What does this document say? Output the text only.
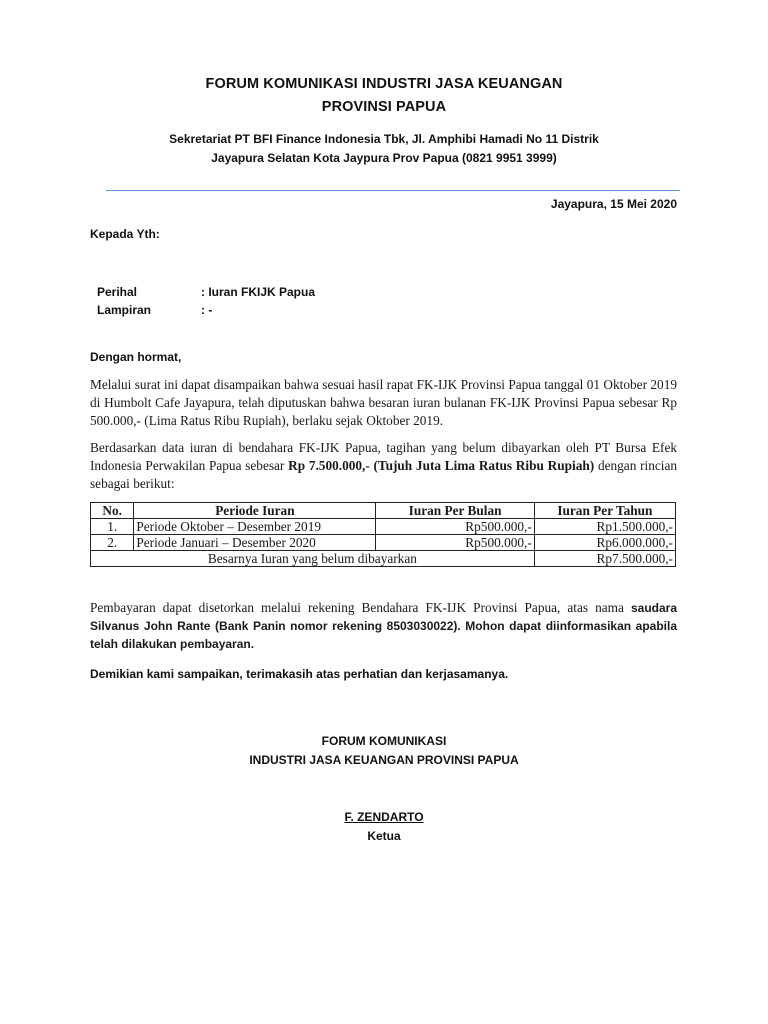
FORUM KOMUNIKASI INDUSTRI JASA KEUANGAN
PROVINSI PAPUA
Sekretariat PT BFI Finance Indonesia Tbk, Jl. Amphibi Hamadi No 11 Distrik
Jayapura Selatan Kota Jaypura Prov Papua (0821 9951 3999)
Jayapura, 15 Mei 2020
Kepada Yth:
Perihal	: Iuran FKIJK Papua
Lampiran	: -
Dengan hormat,
Melalui surat ini dapat disampaikan bahwa sesuai hasil rapat FK-IJK Provinsi Papua tanggal 01 Oktober 2019 di Humbolt Cafe Jayapura, telah diputuskan bahwa besaran iuran bulanan FK-IJK Provinsi Papua sebesar Rp 500.000,- (Lima Ratus Ribu Rupiah), berlaku sejak Oktober 2019.
Berdasarkan data iuran di bendahara FK-IJK Papua, tagihan yang belum dibayarkan oleh PT Bursa Efek Indonesia Perwakilan Papua sebesar Rp 7.500.000,- (Tujuh Juta Lima Ratus Ribu Rupiah) dengan rincian sebagai berikut:
No.	Periode Iuran	Iuran Per Bulan	Iuran Per Tahun
1.	Periode Oktober – Desember 2019	Rp500.000,-	Rp1.500.000,-
2.	Periode Januari – Desember 2020	Rp500.000,-	Rp6.000.000,-
Besarnya Iuran yang belum dibayarkan			Rp7.500.000,-
Pembayaran dapat disetorkan melalui rekening Bendahara FK-IJK Provinsi Papua, atas nama saudara Silvanus John Rante (Bank Panin nomor rekening 8503030022). Mohon dapat diinformasikan apabila telah dilakukan pembayaran.
Demikian kami sampaikan, terimakasih atas perhatian dan kerjasamanya.
FORUM KOMUNIKASI
INDUSTRI JASA KEUANGAN PROVINSI PAPUA
F. ZENDARTO
Ketua
